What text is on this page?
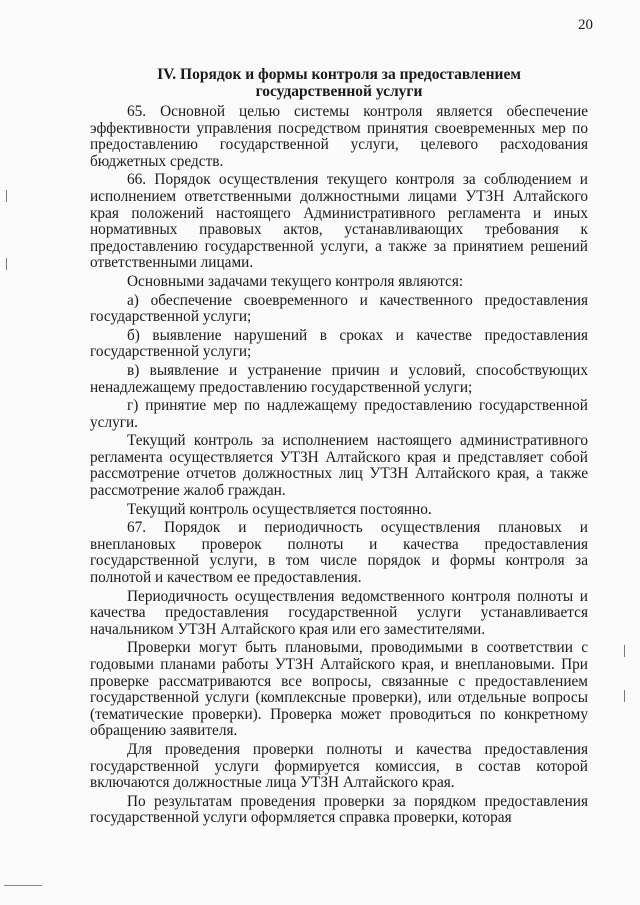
20
IV. Порядок и формы контроля за предоставлением
государственной услуги

65. Основной целью системы контроля является обеспечение эффективности управления посредством принятия своевременных мер по предоставлению государственной услуги, целевого расходования бюджетных средств.

66. Порядок осуществления текущего контроля за соблюдением и исполнением ответственными должностными лицами УТЗН Алтайского края положений настоящего Административного регламента и иных нормативных правовых актов, устанавливающих требования к предоставлению государственной услуги, а также за принятием решений ответственными лицами.

Основными задачами текущего контроля являются:

а) обеспечение своевременного и качественного предоставления государственной услуги;

б) выявление нарушений в сроках и качестве предоставления государственной услуги;

в) выявление и устранение причин и условий, способствующих ненадлежащему предоставлению государственной услуги;

г) принятие мер по надлежащему предоставлению государственной услуги.

Текущий контроль за исполнением настоящего административного регламента осуществляется УТЗН Алтайского края и представляет собой рассмотрение отчетов должностных лиц УТЗН Алтайского края, а также рассмотрение жалоб граждан.

Текущий контроль осуществляется постоянно.

67. Порядок и периодичность осуществления плановых и внеплановых проверок полноты и качества предоставления государственной услуги, в том числе порядок и формы контроля за полнотой и качеством ее предоставления.

Периодичность осуществления ведомственного контроля полноты и качества предоставления государственной услуги устанавливается начальником УТЗН Алтайского края или его заместителями.

Проверки могут быть плановыми, проводимыми в соответствии с годовыми планами работы УТЗН Алтайского края, и внеплановыми. При проверке рассматриваются все вопросы, связанные с предоставлением государственной услуги (комплексные проверки), или отдельные вопросы (тематические проверки). Проверка может проводиться по конкретному обращению заявителя.

Для проведения проверки полноты и качества предоставления государственной услуги формируется комиссия, в состав которой включаются должностные лица УТЗН Алтайского края.

По результатам проведения проверки за порядком предоставления государственной услуги оформляется справка проверки, которая
